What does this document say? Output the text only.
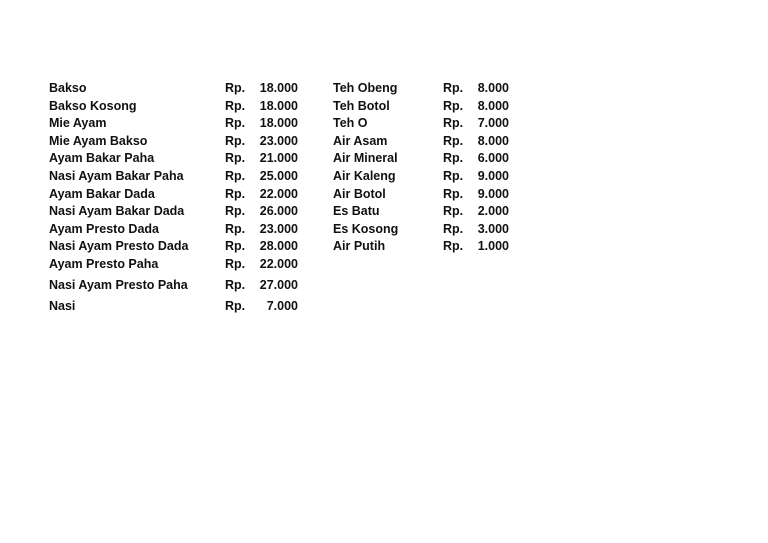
Bakso	Rp.	18.000
Bakso Kosong	Rp.	18.000
Mie Ayam	Rp.	18.000
Mie Ayam Bakso	Rp.	23.000
Ayam Bakar Paha	Rp.	21.000
Nasi Ayam Bakar Paha	Rp.	25.000
Ayam Bakar Dada	Rp.	22.000
Nasi Ayam Bakar Dada	Rp.	26.000
Ayam Presto Dada	Rp.	23.000
Nasi Ayam Presto Dada	Rp.	28.000
Ayam Presto Paha	Rp.	22.000
Nasi Ayam Presto Paha	Rp.	27.000
Nasi	Rp.	7.000
Teh Obeng	Rp.	8.000
Teh Botol	Rp.	8.000
Teh O	Rp.	7.000
Air Asam	Rp.	8.000
Air Mineral	Rp.	6.000
Air Kaleng	Rp.	9.000
Air Botol	Rp.	9.000
Es Batu	Rp.	2.000
Es Kosong	Rp.	3.000
Air Putih	Rp.	1.000
